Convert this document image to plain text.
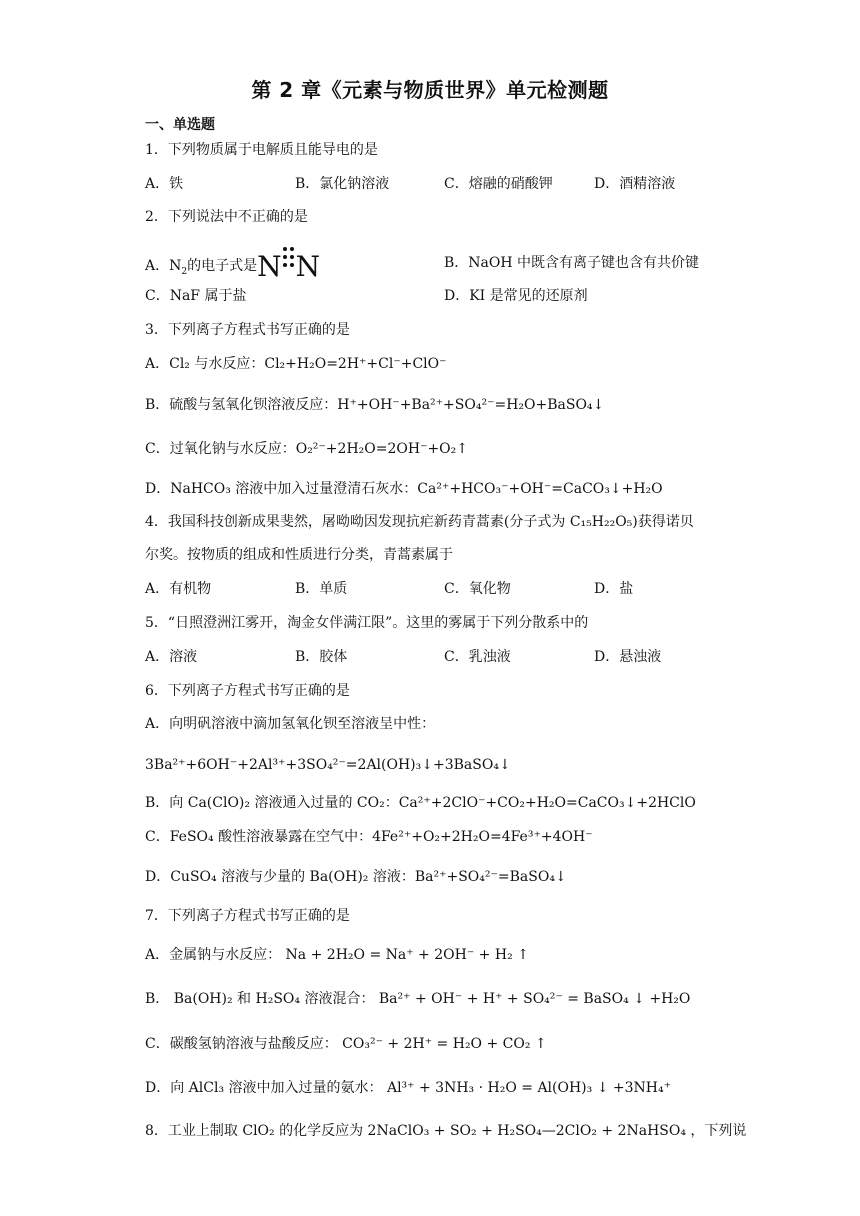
第 2 章《元素与物质世界》单元检测题
一、单选题
1．下列物质属于电解质且能导电的是
A．铁	B．氯化钠溶液	C．熔融的硝酸钾	D．酒精溶液
2．下列说法中不正确的是
A．$N_2$的电子式是N N	B．NaOH 中既含有离子键也含有共价键
C．NaF 属于盐	D．KI 是常见的还原剂
3．下列离子方程式书写正确的是
A．Cl₂ 与水反应：Cl₂+H₂O=2H⁺+Cl⁻+ClO⁻
B．硫酸与氢氧化钡溶液反应：H⁺+OH⁻+Ba²⁺+SO₄²⁻=H₂O+BaSO₄↓
C．过氧化钠与水反应：O₂²⁻+2H₂O=2OH⁻+O₂↑
D．NaHCO₃ 溶液中加入过量澄清石灰水：Ca²⁺+HCO₃⁻+OH⁻=CaCO₃↓+H₂O
4．我国科技创新成果斐然，屠呦呦因发现抗疟新药青蒿素(分子式为 C₁₅H₂₂O₅)获得诺贝
尔奖。按物质的组成和性质进行分类，青蒿素属于
A．有机物	B．单质	C．氧化物	D．盐
5．“日照澄洲江雾开，淘金女伴满江限”。这里的雾属于下列分散系中的
A．溶液	B．胶体	C．乳浊液	D．悬浊液
6．下列离子方程式书写正确的是
A．向明矾溶液中滴加氢氧化钡至溶液呈中性：
3Ba²⁺+6OH⁻+2Al³⁺+3SO₄²⁻=2Al(OH)₃↓+3BaSO₄↓
B．向 Ca(ClO)₂ 溶液通入过量的 CO₂：Ca²⁺+2ClO⁻+CO₂+H₂O=CaCO₃↓+2HClO
C．FeSO₄ 酸性溶液暴露在空气中：4Fe²⁺+O₂+2H₂O=4Fe³⁺+4OH⁻
D．CuSO₄ 溶液与少量的 Ba(OH)₂ 溶液：Ba²⁺+SO₄²⁻=BaSO₄↓
7．下列离子方程式书写正确的是
A．金属钠与水反应： Na + 2H₂O = Na⁺ + 2OH⁻ + H₂ ↑
B． Ba(OH)₂ 和 H₂SO₄ 溶液混合： Ba²⁺ + OH⁻ + H⁺ + SO₄²⁻ = BaSO₄ ↓ +H₂O
C．碳酸氢钠溶液与盐酸反应： CO₃²⁻ + 2H⁺ = H₂O + CO₂ ↑
D．向 AlCl₃ 溶液中加入过量的氨水： Al³⁺ + 3NH₃ · H₂O = Al(OH)₃ ↓ +3NH₄⁺
8．工业上制取 ClO₂ 的化学反应为 2NaClO₃ + SO₂ + H₂SO₄—2ClO₂ + 2NaHSO₄ ，下列说
